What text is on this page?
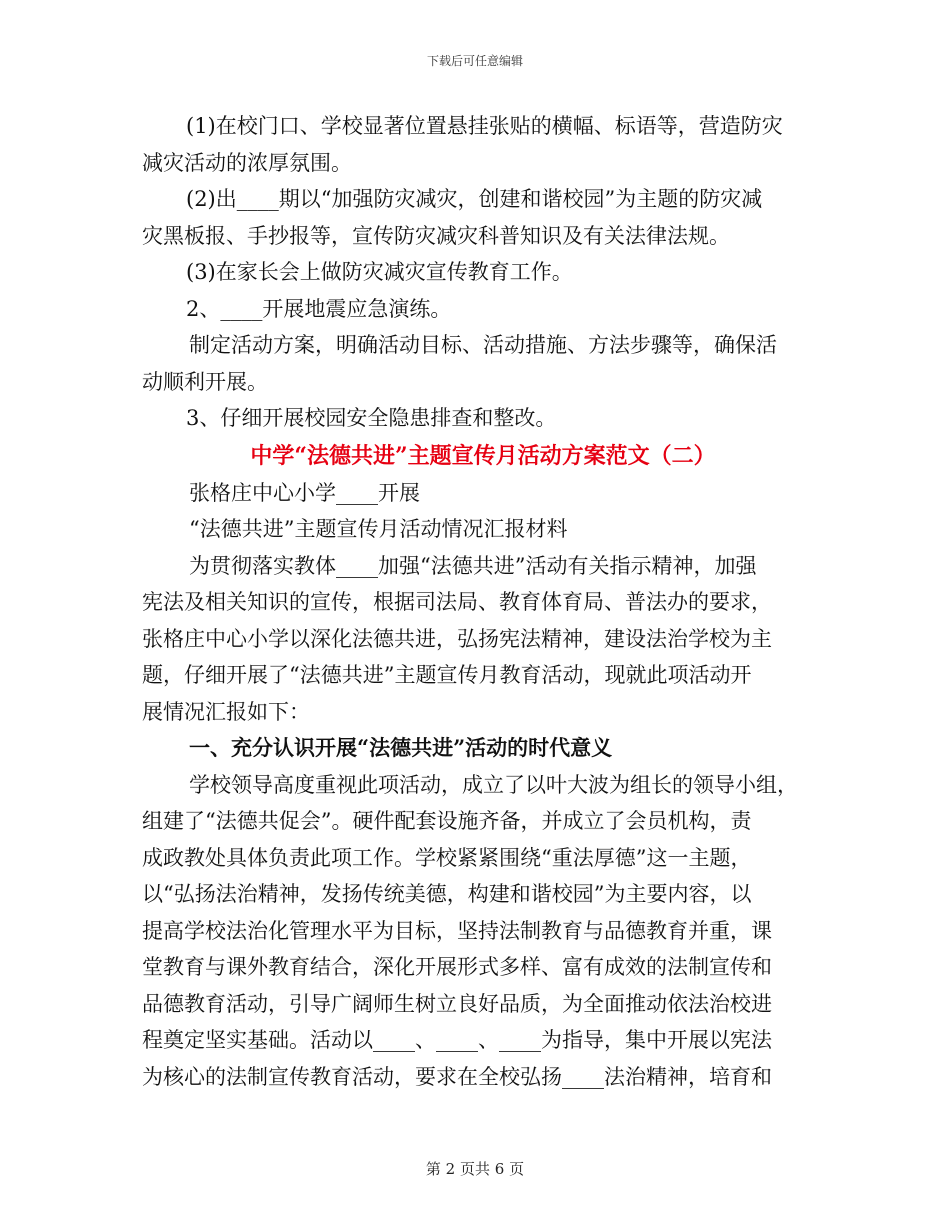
下载后可任意编辑
(1)在校门口、学校显著位置悬挂张贴的横幅、标语等，营造防灾
减灾活动的浓厚氛围。
(2)出____期以“加强防灾减灾，创建和谐校园”为主题的防灾减
灾黑板报、手抄报等，宣传防灾减灾科普知识及有关法律法规。
(3)在家长会上做防灾减灾宣传教育工作。
2、____开展地震应急演练。
制定活动方案，明确活动目标、活动措施、方法步骤等，确保活
动顺利开展。
3、仔细开展校园安全隐患排查和整改。
中学“法德共进”主题宣传月活动方案范文（二）
张格庄中心小学____开展
“法德共进”主题宣传月活动情况汇报材料
为贯彻落实教体____加强“法德共进”活动有关指示精神，加强
宪法及相关知识的宣传，根据司法局、教育体育局、普法办的要求，
张格庄中心小学以深化法德共进，弘扬宪法精神，建设法治学校为主
题，仔细开展了“法德共进”主题宣传月教育活动，现就此项活动开
展情况汇报如下：
一、充分认识开展“法德共进”活动的时代意义
学校领导高度重视此项活动，成立了以叶大波为组长的领导小组，
组建了“法德共促会”。硬件配套设施齐备，并成立了会员机构，责
成政教处具体负责此项工作。学校紧紧围绕“重法厚德”这一主题，
以“弘扬法治精神，发扬传统美德，构建和谐校园”为主要内容，以
提高学校法治化管理水平为目标，坚持法制教育与品德教育并重，课
堂教育与课外教育结合，深化开展形式多样、富有成效的法制宣传和
品德教育活动，引导广阔师生树立良好品质，为全面推动依法治校进
程奠定坚实基础。活动以____、____、____为指导，集中开展以宪法
为核心的法制宣传教育活动，要求在全校弘扬____法治精神，培育和
第 2 页共 6 页
